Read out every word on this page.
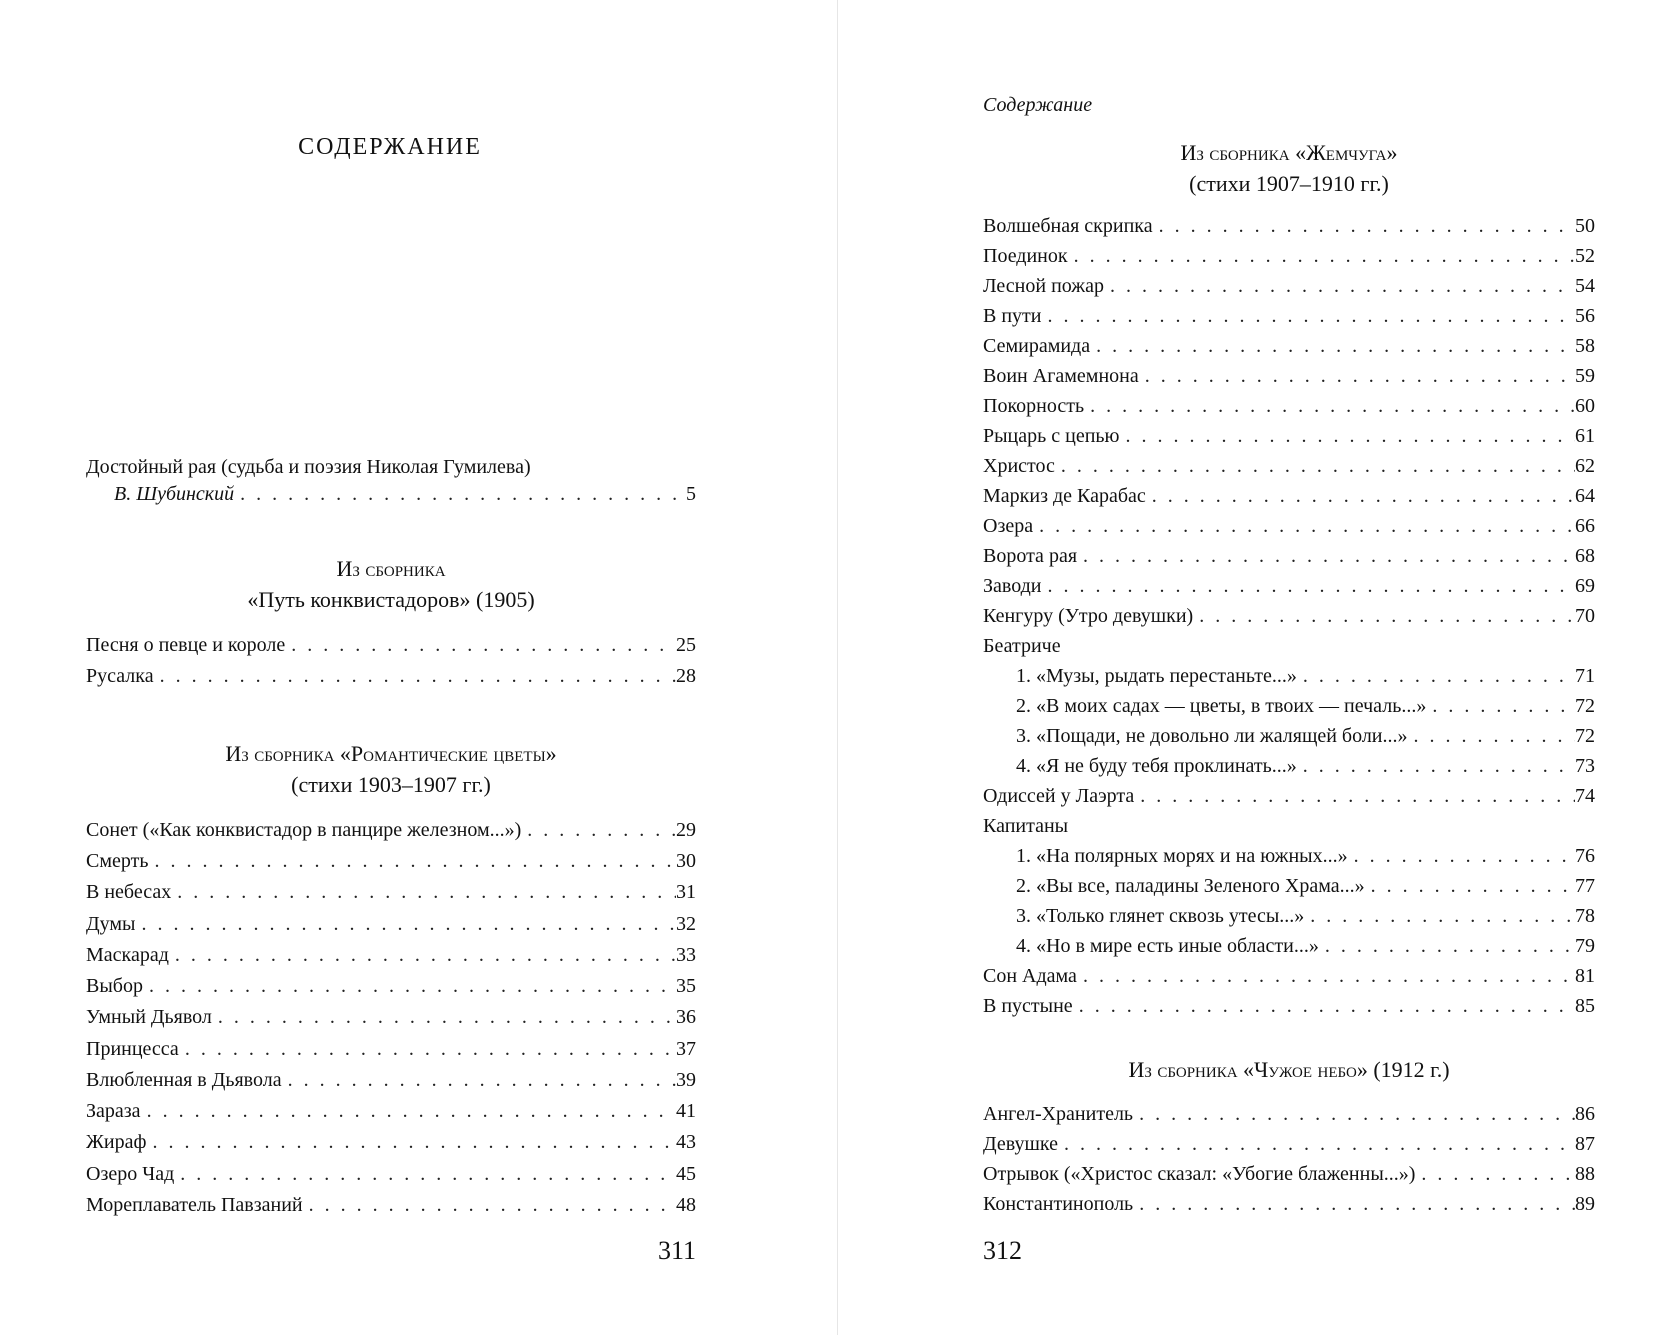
СОДЕРЖАНИЕ
Достойный рая (судьба и поэзия Николая Гумилева)
В. Шубинский . . .	5
Из сборника
«Путь конквистадоров» (1905)
Песня о певце и короле . . .	25
Русалка . . .	28
Из сборника «Романтические цветы»
(стихи 1903–1907 гг.)
Сонет («Как конквистадор в панцире железном...») . . .	29
Смерть . . .	30
В небесах . . .	31
Думы . . .	32
Маскарад . . .	33
Выбор . . .	35
Умный Дьявол . . .	36
Принцесса . . .	37
Влюбленная в Дьявола . . .	39
Зараза . . .	41
Жираф . . .	43
Озеро Чад . . .	45
Мореплаватель Павзаний . . .	48
311
Содержание
Из сборника «Жемчуга»
(стихи 1907–1910 гг.)
Волшебная скрипка . . .	50
Поединок . . .	52
Лесной пожар . . .	54
В пути . . .	56
Семирамида . . .	58
Воин Агамемнона . . .	59
Покорность . . .	60
Рыцарь с цепью . . .	61
Христос . . .	62
Маркиз де Карабас . . .	64
Озера . . .	66
Ворота рая . . .	68
Заводи . . .	69
Кенгуру (Утро девушки) . . .	70
Беатриче
1. «Музы, рыдать перестаньте...» . . .	71
2. «В моих садах — цветы, в твоих — печаль...» . . .	72
3. «Пощади, не довольно ли жалящей боли...» . . .	72
4. «Я не буду тебя проклинать...» . . .	73
Одиссей у Лаэрта . . .	74
Капитаны
1. «На полярных морях и на южных...» . . .	76
2. «Вы все, паладины Зеленого Храма...» . . .	77
3. «Только глянет сквозь утесы...» . . .	78
4. «Но в мире есть иные области...» . . .	79
Сон Адама . . .	81
В пустыне . . .	85
Из сборника «Чужое небо» (1912 г.)
Ангел-Хранитель . . .	86
Девушке . . .	87
Отрывок («Христос сказал: «Убогие блаженны...») . . .	88
Константинополь . . .	89
312
